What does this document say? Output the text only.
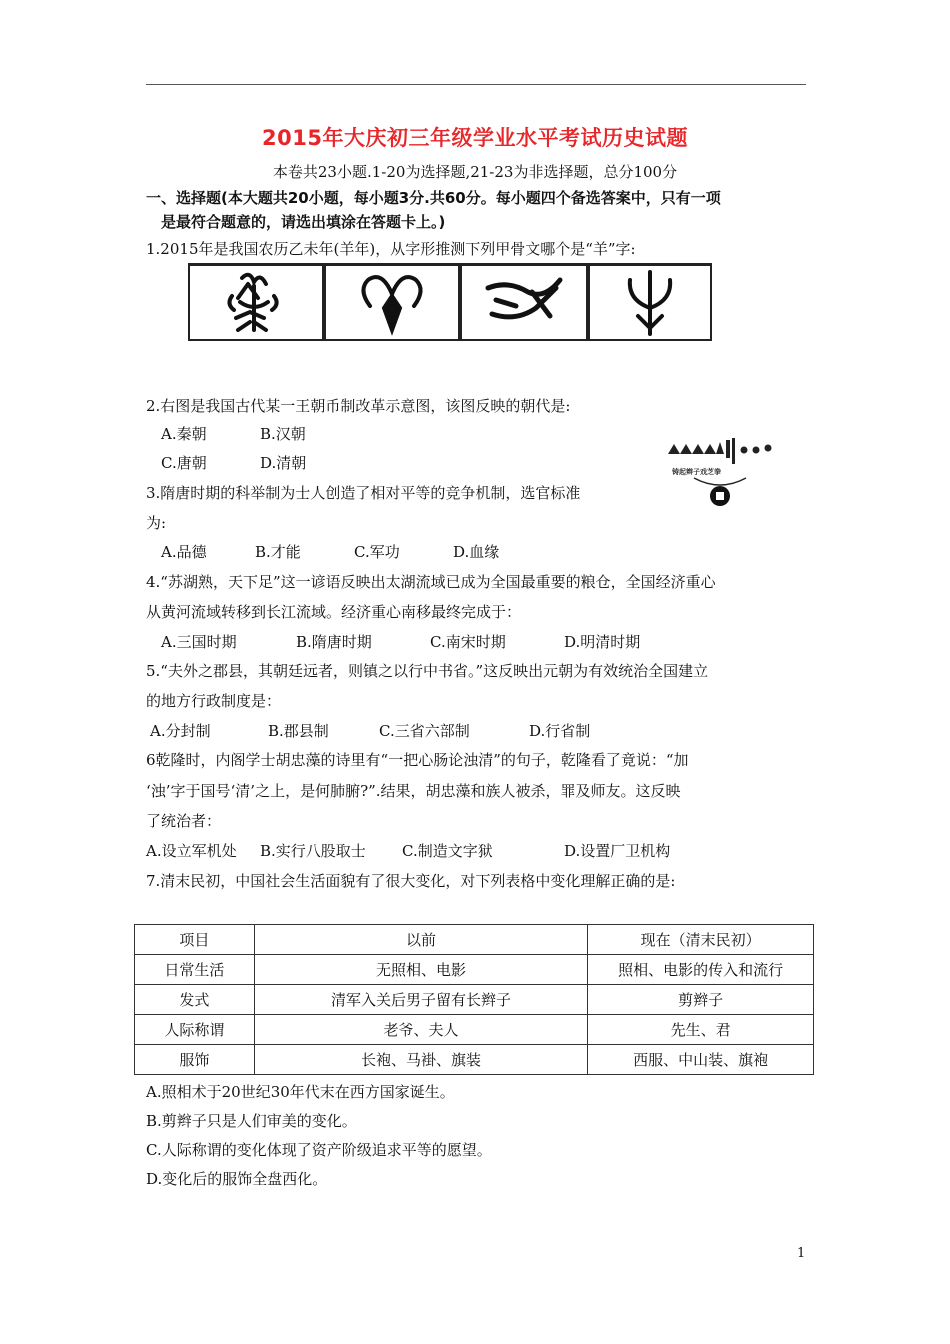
2015年大庆初三年级学业水平考试历史试题
本卷共23小题.1-20为选择题,21-23为非选择题，总分100分
一、选择题(本大题共20小题，每小题3分.共60分。每小题四个备选答案中，只有一项
是最符合题意的，请选出填涂在答题卡上。)
1.2015年是我国农历乙未年(羊年)，从字形推测下列甲骨文哪个是“羊”字:
2.右图是我国古代某一王朝币制改革示意图，该图反映的朝代是:
A.秦朝	B.汉朝
C.唐朝	D.清朝	铸起辫子戏芝拳
3.隋唐时期的科举制为士人创造了相对平等的竞争机制，选官标准
为:
A.品德	B.才能	C.军功	D.血缘
4.“苏湖熟，天下足”这一谚语反映出太湖流域已成为全国最重要的粮仓，全国经济重心
从黄河流域转移到长江流域。经济重心南移最终完成于：
A.三国时期	B.隋唐时期	C.南宋时期	D.明清时期
5.“夫外之郡县，其朝廷远者，则镇之以行中书省。”这反映出元朝为有效统治全国建立
的地方行政制度是：
A.分封制	B.郡县制	C.三省六部制	D.行省制
6乾隆时，内阁学士胡忠藻的诗里有“一把心肠论浊清”的句子，乾隆看了竟说：“加
‘浊’字于国号‘清’之上，是何肺腑?”.结果，胡忠藻和族人被杀，罪及师友。这反映
了统治者：
A.设立军机处 B.实行八股取士 C.制造文字狱	D.设置厂卫机构
7.清末民初，中国社会生活面貌有了很大变化，对下列表格中变化理解正确的是:
项目	以前	现在（清末民初）
日常生活	无照相、电影	照相、电影的传入和流行
发式	清军入关后男子留有长辫子	剪辫子
人际称谓	老爷、夫人	先生、君
服饰	长袍、马褂、旗装	西服、中山装、旗袍
A.照相术于20世纪30年代末在西方国家诞生。
B.剪辫子只是人们审美的变化。
C.人际称谓的变化体现了资产阶级追求平等的愿望。
D.变化后的服饰全盘西化。
1
